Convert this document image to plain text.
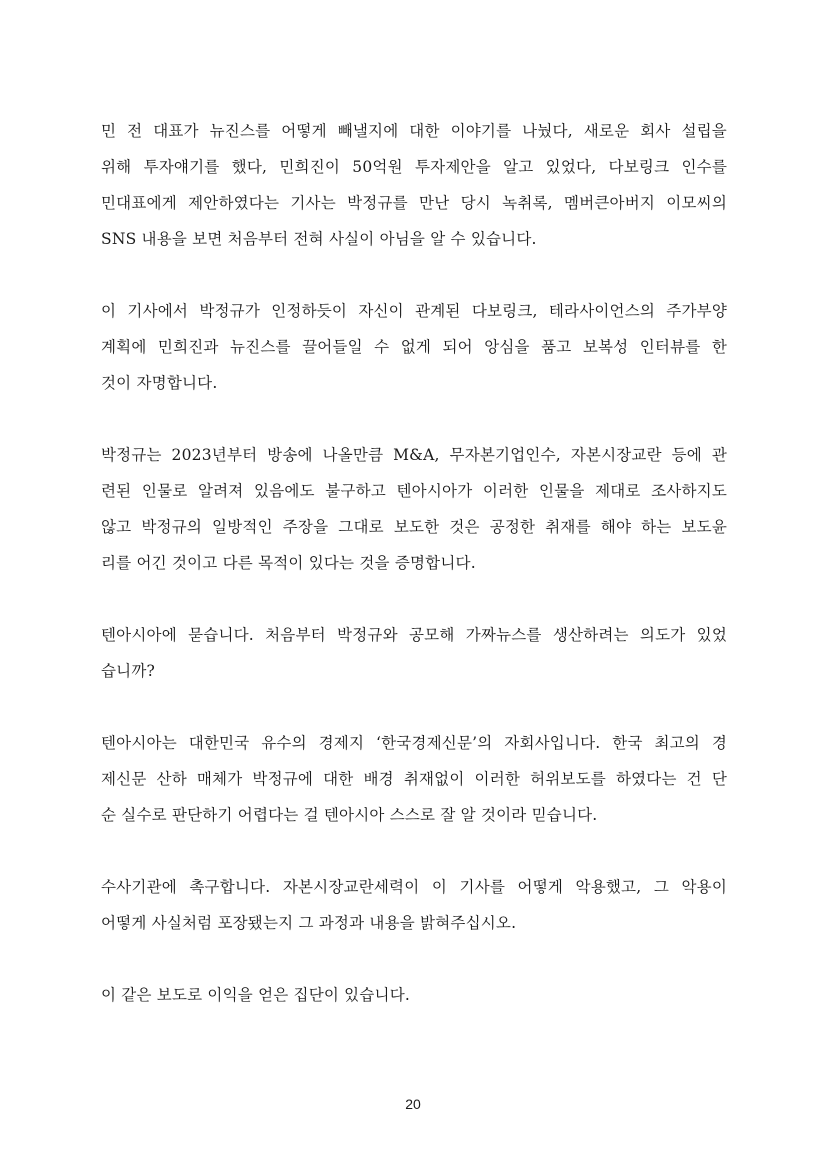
민 전 대표가 뉴진스를 어떻게 빼낼지에 대한 이야기를 나눴다, 새로운 회사 설립을
위해 투자얘기를 했다, 민희진이 50억원 투자제안을 알고 있었다, 다보링크 인수를
민대표에게 제안하였다는 기사는 박정규를 만난 당시 녹취록, 멤버큰아버지 이모씨의
SNS 내용을 보면 처음부터 전혀 사실이 아님을 알 수 있습니다.

이 기사에서 박정규가 인정하듯이 자신이 관계된 다보링크, 테라사이언스의 주가부양
계획에 민희진과 뉴진스를 끌어들일 수 없게 되어 앙심을 품고 보복성 인터뷰를 한
것이 자명합니다.

박정규는 2023년부터 방송에 나올만큼 M&A, 무자본기업인수, 자본시장교란 등에 관
련된 인물로 알려져 있음에도 불구하고 텐아시아가 이러한 인물을 제대로 조사하지도
않고 박정규의 일방적인 주장을 그대로 보도한 것은 공정한 취재를 해야 하는 보도윤
리를 어긴 것이고 다른 목적이 있다는 것을 증명합니다.

텐아시아에 묻습니다. 처음부터 박정규와 공모해 가짜뉴스를 생산하려는 의도가 있었
습니까?

텐아시아는 대한민국 유수의 경제지 ‘한국경제신문’의 자회사입니다. 한국 최고의 경
제신문 산하 매체가 박정규에 대한 배경 취재없이 이러한 허위보도를 하였다는 건 단
순 실수로 판단하기 어렵다는 걸 텐아시아 스스로 잘 알 것이라 믿습니다.

수사기관에 촉구합니다. 자본시장교란세력이 이 기사를 어떻게 악용했고, 그 악용이
어떻게 사실처럼 포장됐는지 그 과정과 내용을 밝혀주십시오.

이 같은 보도로 이익을 얻은 집단이 있습니다.

20
